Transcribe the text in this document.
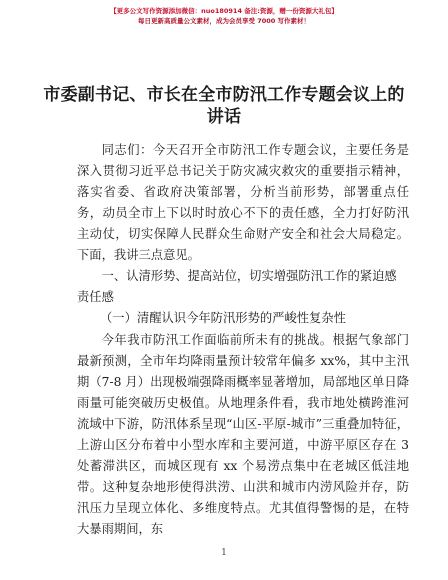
【更多公文写作资源添加微信：nuo180914 备注:资源，赠一份资源大礼包】
每日更新高质量公文素材，成为会员享受 7000 写作素材！
市委副书记、市长在全市防汛工作专题会议上的讲话
同志们：今天召开全市防汛工作专题会议，主要任务是深入贯彻习近平总书记关于防灾减灾救灾的重要指示精神，落实省委、省政府决策部署，分析当前形势，部署重点任务，动员全市上下以时时放心不下的责任感，全力打好防汛主动仗，切实保障人民群众生命财产安全和社会大局稳定。下面，我讲三点意见。
一、认清形势、提高站位，切实增强防汛工作的紧迫感责任感
（一）清醒认识今年防汛形势的严峻性复杂性
今年我市防汛工作面临前所未有的挑战。根据气象部门最新预测，全市年均降雨量预计较常年偏多 xx%，其中主汛期（7-8 月）出现极端强降雨概率显著增加，局部地区单日降雨量可能突破历史极值。从地理条件看，我市地处横跨淮河流域中下游，防汛体系呈现“山区-平原-城市”三重叠加特征，上游山区分布着中小型水库和主要河道，中游平原区存在 3 处蓄滞洪区，而城区现有 xx 个易涝点集中在老城区低洼地带。这种复杂地形使得洪涝、山洪和城市内涝风险并存，防汛压力呈现立体化、多维度特点。尤其值得警惕的是，在特大暴雨期间，东
1
